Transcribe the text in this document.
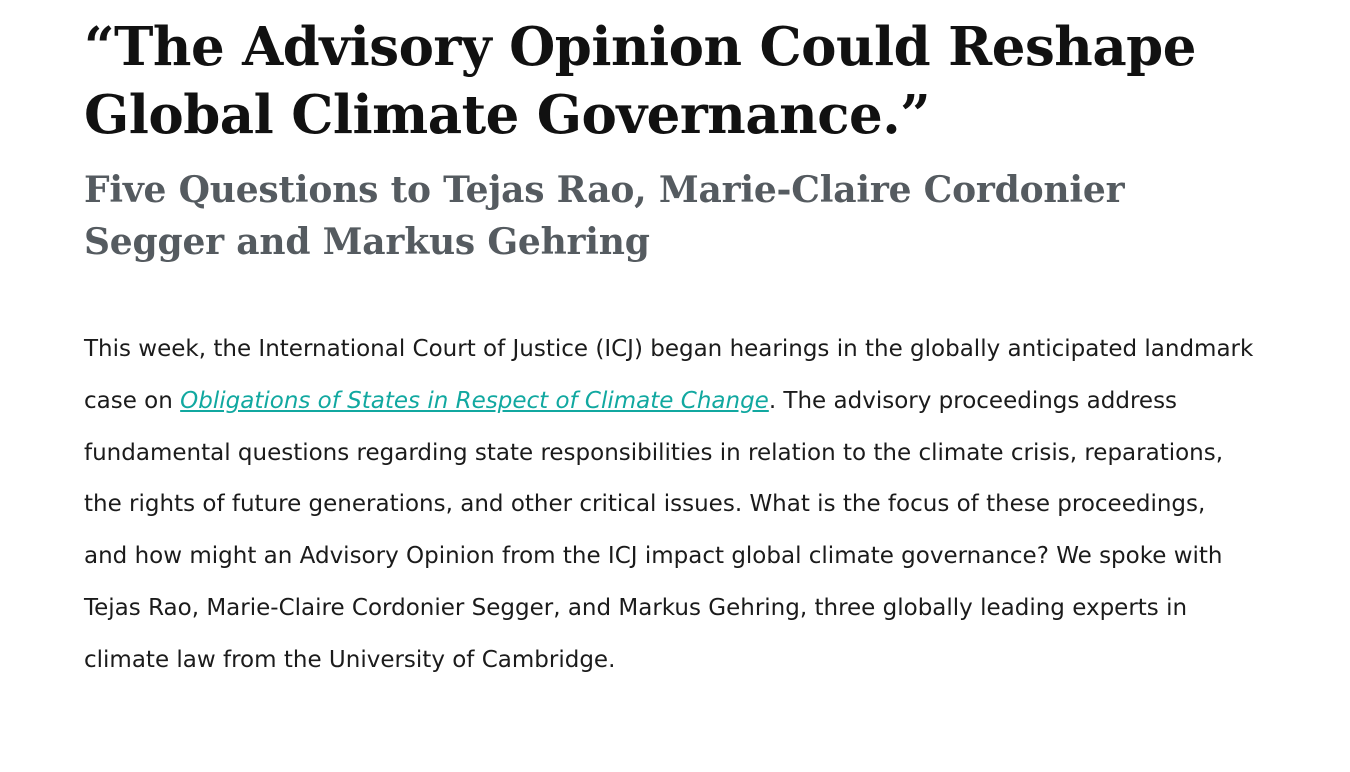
“The Advisory Opinion Could Reshape Global Climate Governance.”
Five Questions to Tejas Rao, Marie-Claire Cordonier Segger and Markus Gehring

This week, the International Court of Justice (ICJ) began hearings in the globally anticipated landmark case on Obligations of States in Respect of Climate Change. The advisory proceedings address fundamental questions regarding state responsibilities in relation to the climate crisis, reparations, the rights of future generations, and other critical issues. What is the focus of these proceedings, and how might an Advisory Opinion from the ICJ impact global climate governance? We spoke with Tejas Rao, Marie-Claire Cordonier Segger, and Markus Gehring, three globally leading experts in climate law from the University of Cambridge.
